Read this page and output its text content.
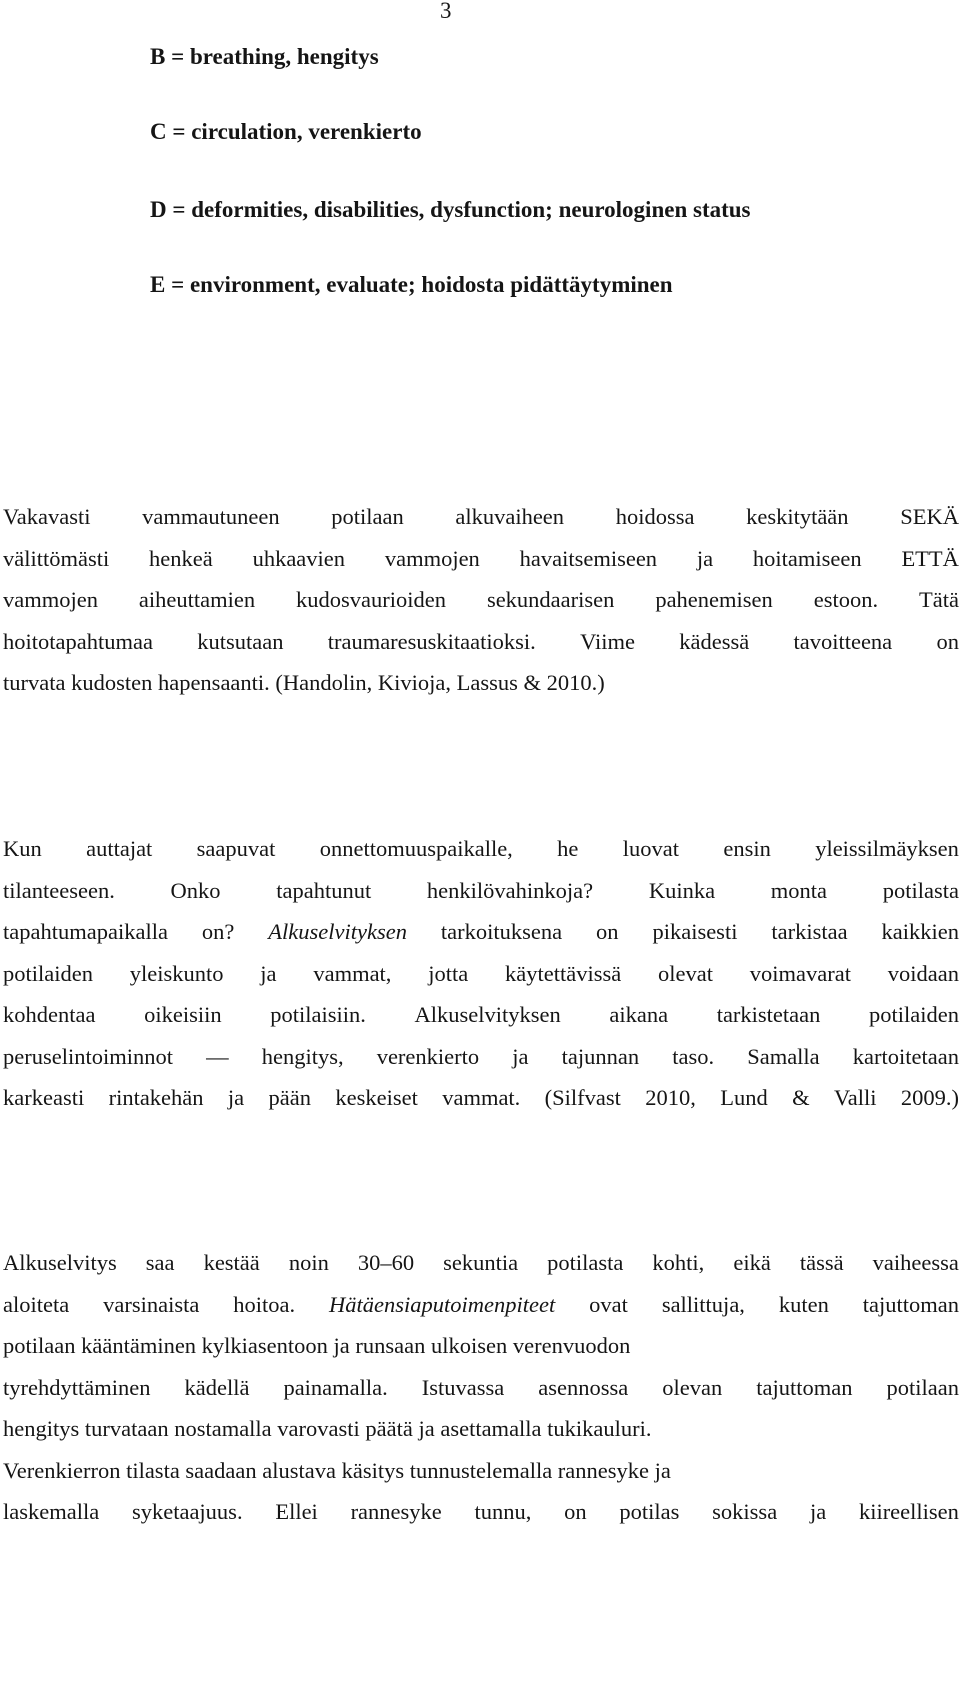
3
B = breathing, hengitys
C = circulation, verenkierto
D = deformities, disabilities, dysfunction; neurologinen status
E = environment, evaluate; hoidosta pidättäytyminen
Vakavasti vammautuneen potilaan alkuvaiheen hoidossa keskitytään SEKÄ
välittömästi henkeä uhkaavien vammojen havaitsemiseen ja hoitamiseen ETTÄ
vammojen aiheuttamien kudosvaurioiden sekundaarisen pahenemisen estoon. Tätä
hoitotapahtumaa kutsutaan traumaresuskitaatioksi. Viime kädessä tavoitteena on
turvata kudosten hapensaanti. (Handolin, Kivioja, Lassus & 2010.)
Kun auttajat saapuvat onnettomuuspaikalle, he luovat ensin yleissilmäyksen
tilanteeseen. Onko tapahtunut henkilövahinkoja? Kuinka monta potilasta
tapahtumapaikalla on? Alkuselvityksen tarkoituksena on pikaisesti tarkistaa kaikkien
potilaiden yleiskunto ja vammat, jotta käytettävissä olevat voimavarat voidaan
kohdentaa oikeisiin potilaisiin. Alkuselvityksen aikana tarkistetaan potilaiden
peruselintoiminnot — hengitys, verenkierto ja tajunnan taso. Samalla kartoitetaan
karkeasti rintakehän ja pään keskeiset vammat. (Silfvast 2010, Lund & Valli 2009.)
Alkuselvitys saa kestää noin 30–60 sekuntia potilasta kohti, eikä tässä vaiheessa
aloiteta varsinaista hoitoa. Hätäensiaputoimenpiteet ovat sallittuja, kuten tajuttoman
potilaan kääntäminen kylkiasentoon ja runsaan ulkoisen verenvuodon
tyrehdyttäminen kädellä painamalla. Istuvassa asennossa olevan tajuttoman potilaan
hengitys turvataan nostamalla varovasti päätä ja asettamalla tukikauluri.
Verenkierron tilasta saadaan alustava käsitys tunnustelemalla rannesyke ja
laskemalla syketaajuus. Ellei rannesyke tunnu, on potilas sokissa ja kiireellisen
